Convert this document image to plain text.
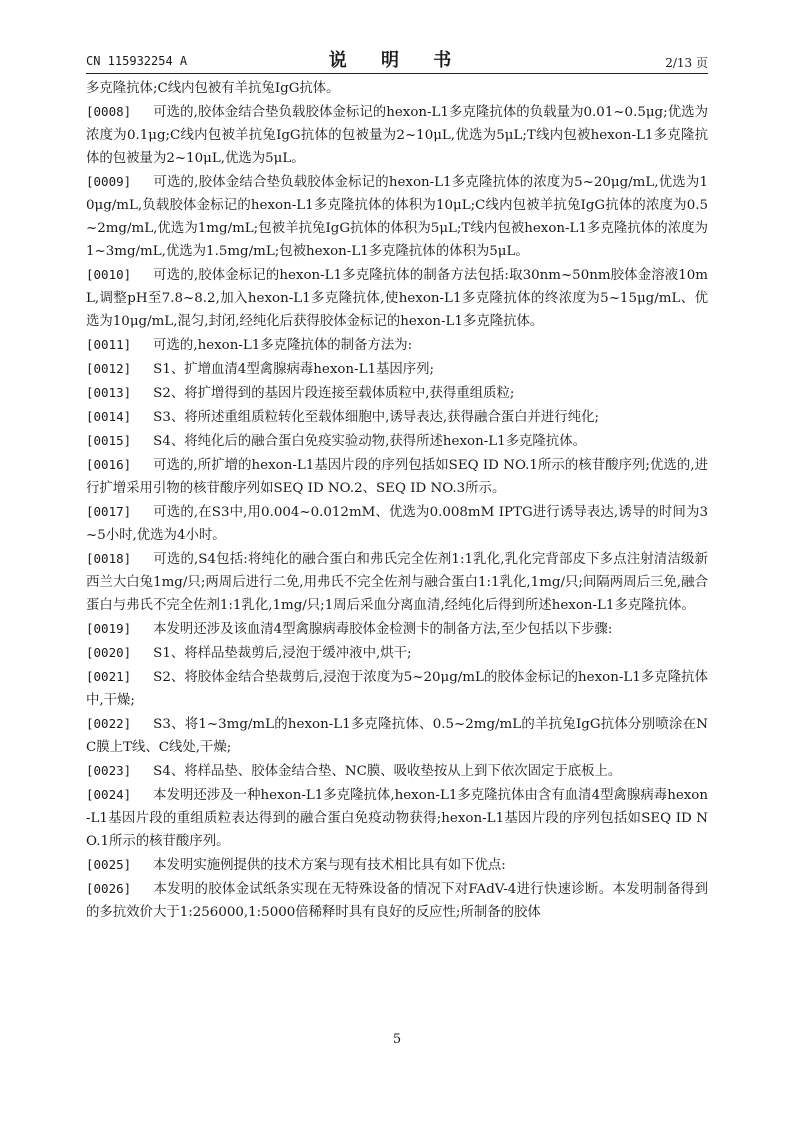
CN 115932254 A	说 明 书	2/13 页

多克隆抗体;C线内包被有羊抗兔IgG抗体。

[0008] 可选的,胶体金结合垫负载胶体金标记的hexon-L1多克隆抗体的负载量为0.01~0.5μg;优选为浓度为0.1μg;C线内包被羊抗兔IgG抗体的包被量为2~10μL,优选为5μL;T线内包被hexon-L1多克隆抗体的包被量为2~10μL,优选为5μL。

[0009] 可选的,胶体金结合垫负载胶体金标记的hexon-L1多克隆抗体的浓度为5~20μg/mL,优选为10μg/mL,负载胶体金标记的hexon-L1多克隆抗体的体积为10μL;C线内包被羊抗兔IgG抗体的浓度为0.5~2mg/mL,优选为1mg/mL;包被羊抗兔IgG抗体的体积为5μL;T线内包被hexon-L1多克隆抗体的浓度为1~3mg/mL,优选为1.5mg/mL;包被hexon-L1多克隆抗体的体积为5μL。

[0010] 可选的,胶体金标记的hexon-L1多克隆抗体的制备方法包括:取30nm~50nm胶体金溶液10mL,调整pH至7.8~8.2,加入hexon-L1多克隆抗体,使hexon-L1多克隆抗体的终浓度为5~15μg/mL、优选为10μg/mL,混匀,封闭,经纯化后获得胶体金标记的hexon-L1多克隆抗体。

[0011] 可选的,hexon-L1多克隆抗体的制备方法为:

[0012] S1、扩增血清4型禽腺病毒hexon-L1基因序列;

[0013] S2、将扩增得到的基因片段连接至载体质粒中,获得重组质粒;

[0014] S3、将所述重组质粒转化至载体细胞中,诱导表达,获得融合蛋白并进行纯化;

[0015] S4、将纯化后的融合蛋白免疫实验动物,获得所述hexon-L1多克隆抗体。

[0016] 可选的,所扩增的hexon-L1基因片段的序列包括如SEQ ID NO.1所示的核苷酸序列;优选的,进行扩增采用引物的核苷酸序列如SEQ ID NO.2、SEQ ID NO.3所示。

[0017] 可选的,在S3中,用0.004~0.012mM、优选为0.008mM IPTG进行诱导表达,诱导的时间为3~5小时,优选为4小时。

[0018] 可选的,S4包括:将纯化的融合蛋白和弗氏完全佐剂1:1乳化,乳化完背部皮下多点注射清洁级新西兰大白兔1mg/只;两周后进行二免,用弗氏不完全佐剂与融合蛋白1:1乳化,1mg/只;间隔两周后三免,融合蛋白与弗氏不完全佐剂1:1乳化,1mg/只;1周后采血分离血清,经纯化后得到所述hexon-L1多克隆抗体。

[0019] 本发明还涉及该血清4型禽腺病毒胶体金检测卡的制备方法,至少包括以下步骤:

[0020] S1、将样品垫裁剪后,浸泡于缓冲液中,烘干;

[0021] S2、将胶体金结合垫裁剪后,浸泡于浓度为5~20μg/mL的胶体金标记的hexon-L1多克隆抗体中,干燥;

[0022] S3、将1~3mg/mL的hexon-L1多克隆抗体、0.5~2mg/mL的羊抗兔IgG抗体分别喷涂在NC膜上T线、C线处,干燥;

[0023] S4、将样品垫、胶体金结合垫、NC膜、吸收垫按从上到下依次固定于底板上。

[0024] 本发明还涉及一种hexon-L1多克隆抗体,hexon-L1多克隆抗体由含有血清4型禽腺病毒hexon-L1基因片段的重组质粒表达得到的融合蛋白免疫动物获得;hexon-L1基因片段的序列包括如SEQ ID NO.1所示的核苷酸序列。

[0025] 本发明实施例提供的技术方案与现有技术相比具有如下优点:

[0026] 本发明的胶体金试纸条实现在无特殊设备的情况下对FAdV-4进行快速诊断。本发明制备得到的多抗效价大于1:256000,1:5000倍稀释时具有良好的反应性;所制备的胶体

5
